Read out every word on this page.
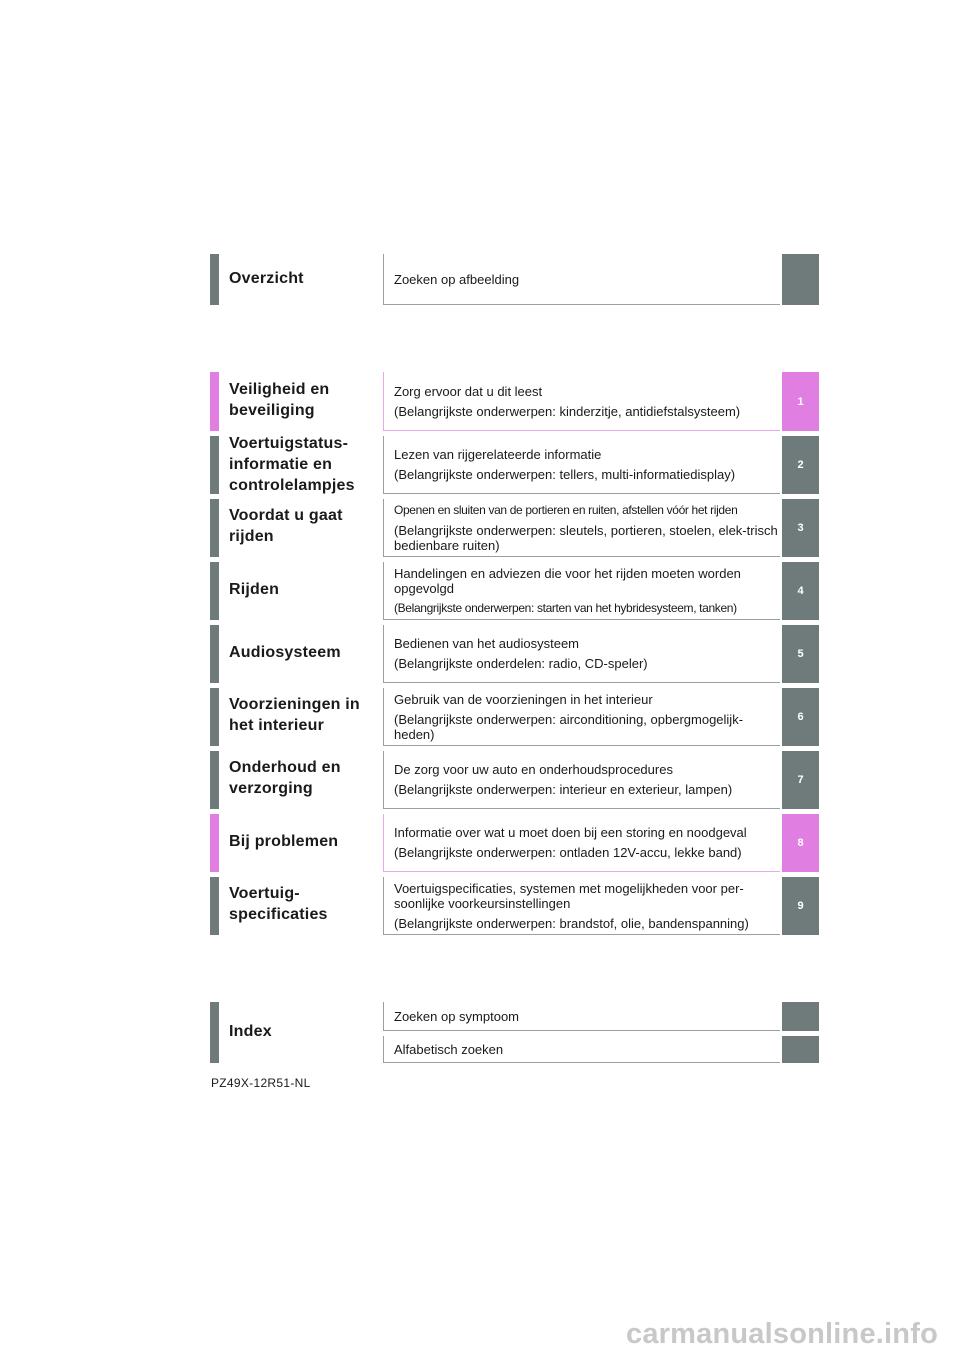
Overzicht	Zoeken op afbeelding
Veiligheid en beveiliging
Zorg ervoor dat u dit leest
(Belangrijkste onderwerpen: kinderzitje, antidiefstalsysteem)
1
Voertuigstatus-informatie en controlelampjes
Lezen van rijgerelateerde informatie
(Belangrijkste onderwerpen: tellers, multi-informatiedisplay)
2
Voordat u gaat rijden
Openen en sluiten van de portieren en ruiten, afstellen vóór het rijden
(Belangrijkste onderwerpen: sleutels, portieren, stoelen, elek-trisch bedienbare ruiten)
3
Rijden
Handelingen en adviezen die voor het rijden moeten worden opgevolgd
(Belangrijkste onderwerpen: starten van het hybridesysteem, tanken)
4
Audiosysteem
Bedienen van het audiosysteem
(Belangrijkste onderdelen: radio, CD-speler)
5
Voorzieningen in het interieur
Gebruik van de voorzieningen in het interieur
(Belangrijkste onderwerpen: airconditioning, opbergmogelijk-heden)
6
Onderhoud en verzorging
De zorg voor uw auto en onderhoudsprocedures
(Belangrijkste onderwerpen: interieur en exterieur, lampen)
7
Bij problemen
Informatie over wat u moet doen bij een storing en noodgeval
(Belangrijkste onderwerpen: ontladen 12V-accu, lekke band)
8
Voertuig-specificaties
Voertuigspecificaties, systemen met mogelijkheden voor per-soonlijke voorkeursinstellingen
(Belangrijkste onderwerpen: brandstof, olie, bandenspanning)
9
Index
Zoeken op symptoom
Alfabetisch zoeken
PZ49X-12R51-NL
carmanualsonline.info
